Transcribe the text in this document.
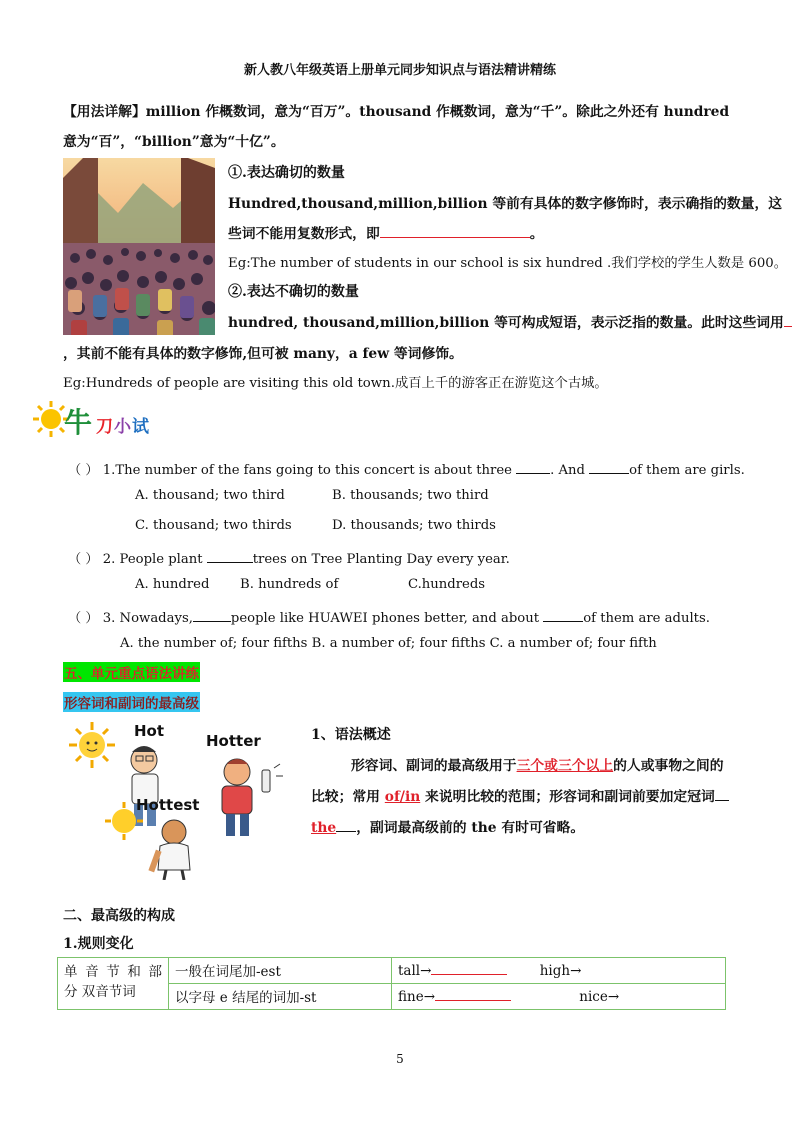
新人教八年级英语上册单元同步知识点与语法精讲精练
【用法详解】million 作概数词，意为“百万”。thousand 作概数词，意为“千”。除此之外还有 hundred
意为“百”，“billion”意为“十亿”。
①.表达确切的数量
Hundred,thousand,million,billion 等前有具体的数字修饰时，表示确指的数量，这
些词不能用复数形式，即	。
Eg:The number of students in our school is six hundred .我们学校的学生人数是 600。
②.表达不确切的数量
hundred, thousand,million,billion 等可构成短语，表示泛指的数量。此时这些词用
，其前不能有具体的数字修饰,但可被 many，a few 等词修饰。
Eg:Hundreds of people are visiting this old town.成百上千的游客正在游览这个古城。
牛 刀 小 试
（ ） 1.The number of the fans going to this concert is about three	. And	of them are girls.
A. thousand; two third	B. thousands; two third
C. thousand; two thirds	D. thousands; two thirds
（ ） 2. People plant	trees on Tree Planting Day every year.
A. hundred B. hundreds of	C.hundreds
（ ） 3. Nowadays,	people like HUAWEI phones better, and about	of them are adults.
A. the number of; four fifths B. a number of; four fifths C. a number of; four fifth
五、单元重点语法讲练
形容词和副词的最高级
Hot
Hotter
Hottest
1、语法概述
形容词、副词的最高级用于三个或三个以上的人或事物之间的
比较；常用 of/in 来说明比较的范围；形容词和副词前要加定冠词
the ，副词最高级前的 the 有时可省略。
二、最高级的构成
1.规则变化
单 音 节 和 部 分 双音节词	一般在词尾加-est	tall→ high→
	以字母 e 结尾的词加-st	fine→ nice→
5
